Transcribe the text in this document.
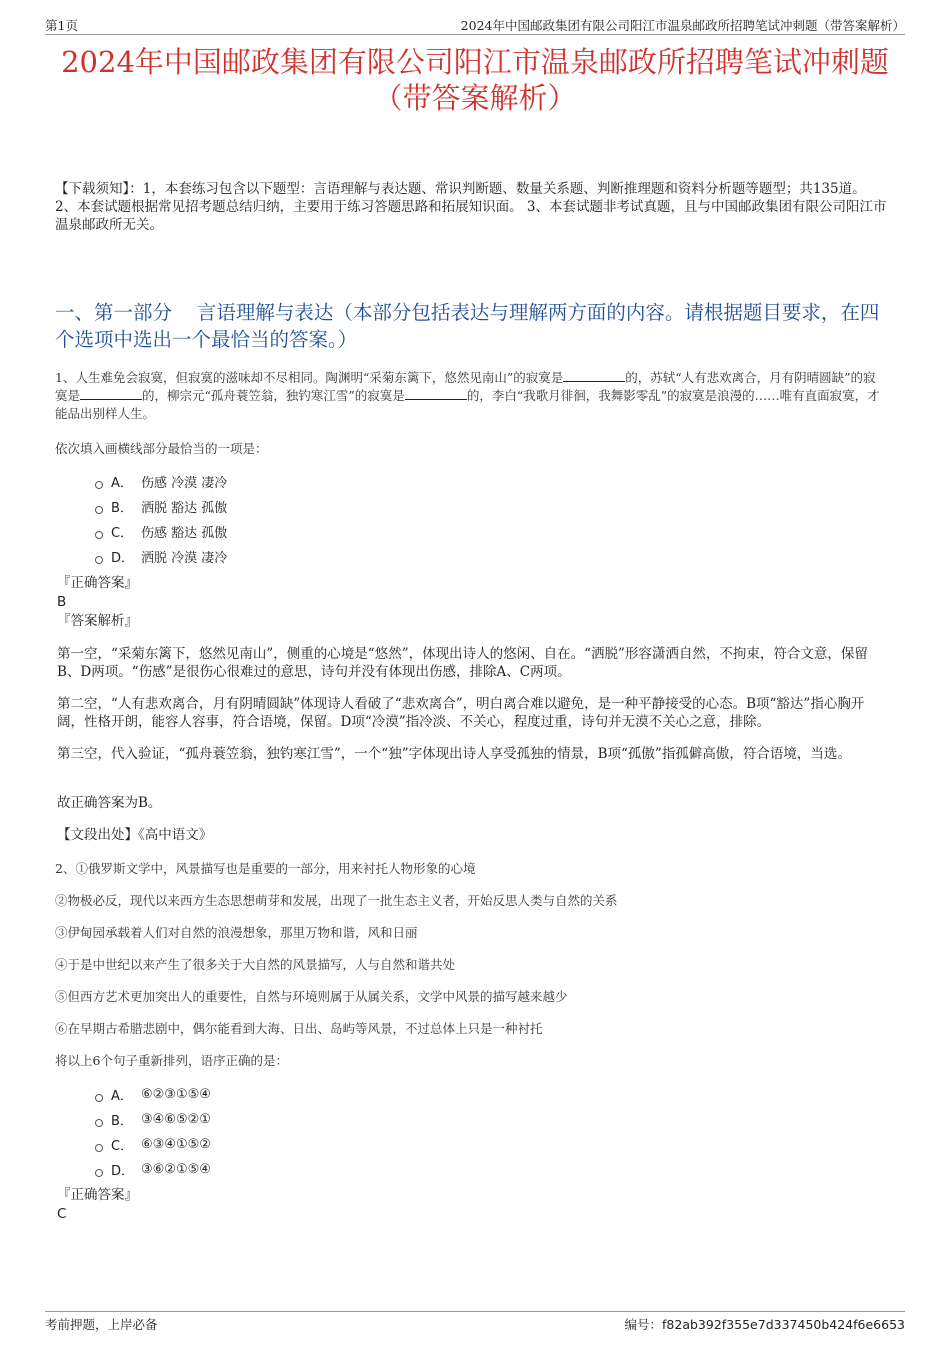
第1页	2024年中国邮政集团有限公司阳江市温泉邮政所招聘笔试冲刺题（带答案解析）
2024年中国邮政集团有限公司阳江市温泉邮政所招聘笔试冲刺题
（带答案解析）
【下载须知】：1，本套练习包含以下题型：言语理解与表达题、常识判断题、数量关系题、判断推理题和资料分析题等题型；共135道。 2、本套试题根据常见招考题总结归纳，主要用于练习答题思路和拓展知识面。 3、本套试题非考试真题，且与中国邮政集团有限公司阳江市温泉邮政所无关。
一、第一部分 言语理解与表达（本部分包括表达与理解两方面的内容。请根据题目要求，在四个选项中选出一个最恰当的答案。）
1、人生难免会寂寞，但寂寞的滋味却不尽相同。陶渊明“采菊东篱下，悠然见南山”的寂寞是	的，苏轼“人有悲欢离合，月有阴晴圆缺”的寂寞是	的，柳宗元“孤舟蓑笠翁，独钓寒江雪”的寂寞是	的，李白“我歌月徘徊，我舞影零乱”的寂寞是浪漫的……唯有直面寂寞，才能品出别样人生。
依次填入画横线部分最恰当的一项是：
A． 伤感 冷漠 凄冷
B． 洒脱 豁达 孤傲
C． 伤感 豁达 孤傲
D． 洒脱 冷漠 凄冷
『正确答案』
B
『答案解析』
第一空，“采菊东篱下，悠然见南山”，侧重的心境是“悠然”，体现出诗人的悠闲、自在。“洒脱”形容潇洒自然，不拘束，符合文意，保留B、D两项。“伤感”是很伤心很难过的意思，诗句并没有体现出伤感，排除A、C两项。
第二空，“人有悲欢离合，月有阴晴圆缺”体现诗人看破了“悲欢离合”，明白离合难以避免，是一种平静接受的心态。B项“豁达”指心胸开阔，性格开朗，能容人容事，符合语境，保留。D项“冷漠”指冷淡、不关心，程度过重，诗句并无漠不关心之意，排除。
第三空，代入验证，“孤舟蓑笠翁，独钓寒江雪”，一个“独”字体现出诗人享受孤独的情景，B项“孤傲”指孤僻高傲，符合语境，当选。
故正确答案为B。
【文段出处】《高中语文》
2、①俄罗斯文学中，风景描写也是重要的一部分，用来衬托人物形象的心境
②物极必反，现代以来西方生态思想萌芽和发展，出现了一批生态主义者，开始反思人类与自然的关系
③伊甸园承载着人们对自然的浪漫想象，那里万物和谐，风和日丽
④于是中世纪以来产生了很多关于大自然的风景描写，人与自然和谐共处
⑤但西方艺术更加突出人的重要性，自然与环境则属于从属关系，文学中风景的描写越来越少
⑥在早期古希腊悲剧中，偶尔能看到大海、日出、岛屿等风景，不过总体上只是一种衬托
将以上6个句子重新排列，语序正确的是：
A． ⑥②③①⑤④
B． ③④⑥⑤②①
C． ⑥③④①⑤②
D． ③⑥②①⑤④
『正确答案』
C
考前押题，上岸必备	编号：f82ab392f355e7d337450b424f6e6653
